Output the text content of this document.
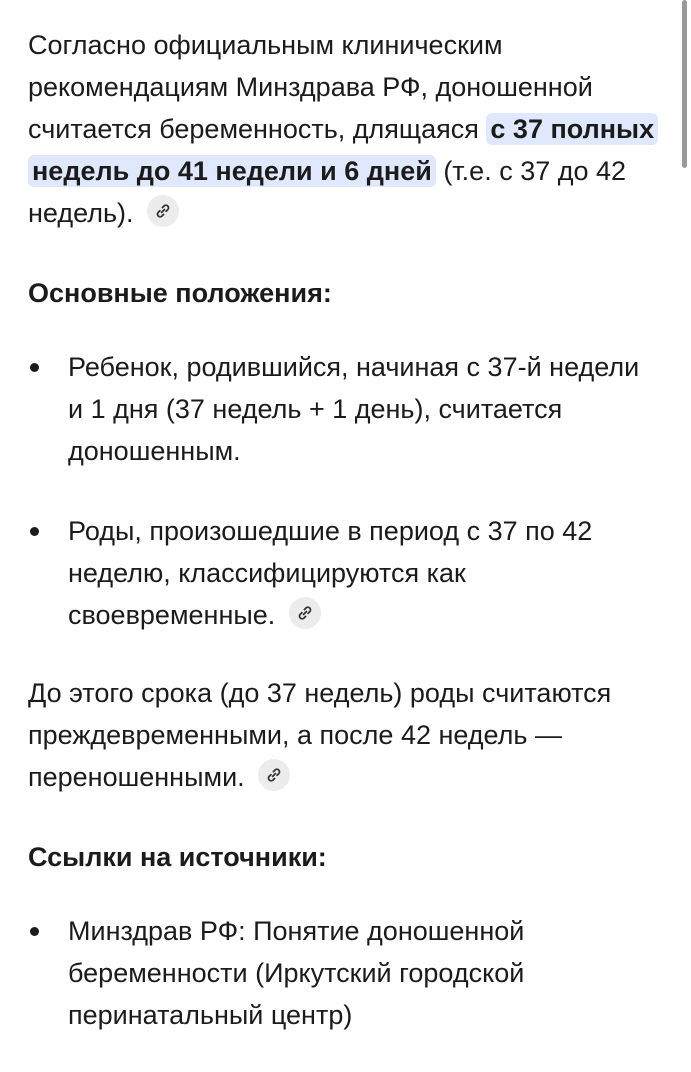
Согласно официальным клиническим рекомендациям Минздрава РФ, доношенной считается беременность, длящаяся с 37 полных недель до 41 недели и 6 дней (т.е. с 37 до 42 недель).

Основные положения:

Ребенок, родившийся, начиная с 37-й недели и 1 дня (37 недель + 1 день), считается доношенным.
Роды, произошедшие в период с 37 по 42 неделю, классифицируются как своевременные.

До этого срока (до 37 недель) роды считаются преждевременными, а после 42 недель — переношенными.

Ссылки на источники:

Минздрав РФ: Понятие доношенной беременности (Иркутский городской перинатальный центр)
